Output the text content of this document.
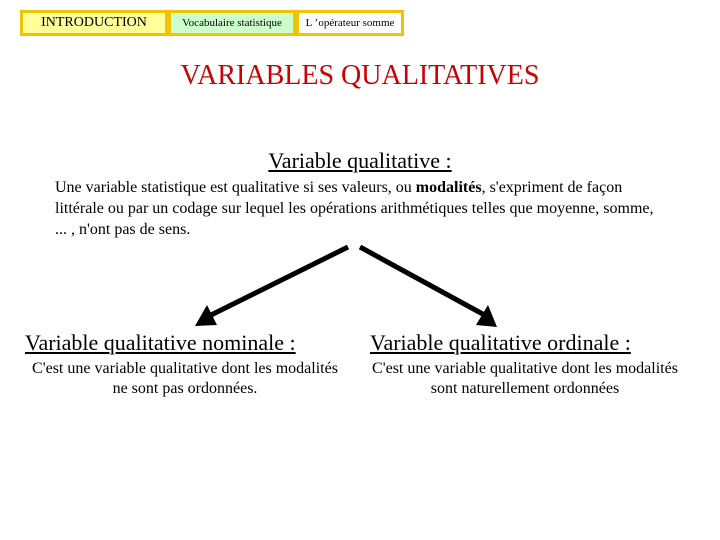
INTRODUCTION	Vocabulaire statistique	L ’opérateur somme
VARIABLES QUALITATIVES
Variable qualitative :
Une variable statistique est qualitative si ses valeurs, ou modalités, s'expriment de façon littérale ou par un codage sur lequel les opérations arithmétiques telles que moyenne, somme, ... , n'ont pas de sens.
Variable qualitative nominale :
C'est une variable qualitative dont les modalités ne sont pas ordonnées.
Variable qualitative ordinale :
C'est une variable qualitative dont les modalités sont naturellement ordonnées
